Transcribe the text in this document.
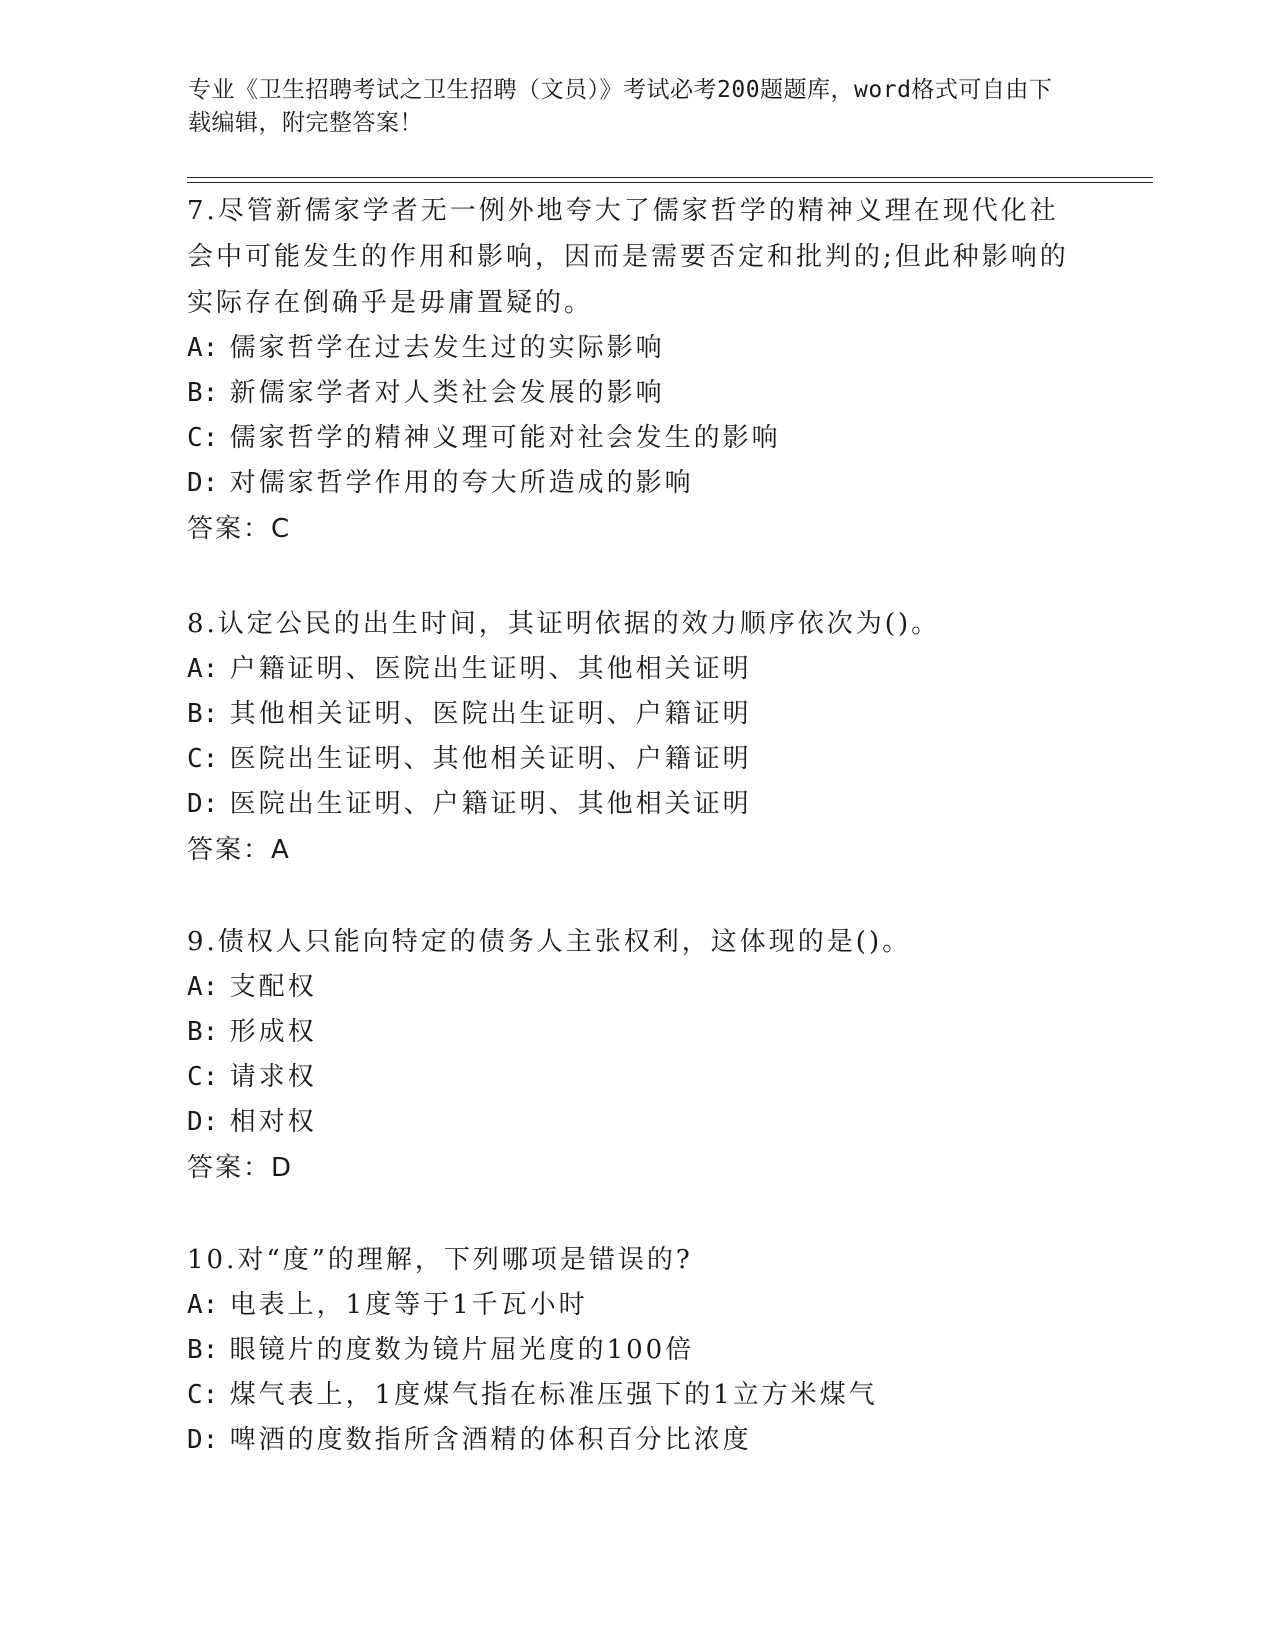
专业《卫生招聘考试之卫生招聘（文员）》考试必考200题题库，word格式可自由下载编辑，附完整答案！
7.尽管新儒家学者无一例外地夸大了儒家哲学的精神义理在现代化社会中可能发生的作用和影响，因而是需要否定和批判的;但此种影响的实际存在倒确乎是毋庸置疑的。
A: 儒家哲学在过去发生过的实际影响
B: 新儒家学者对人类社会发展的影响
C: 儒家哲学的精神义理可能对社会发生的影响
D: 对儒家哲学作用的夸大所造成的影响
答案：C
8.认定公民的出生时间，其证明依据的效力顺序依次为()。
A: 户籍证明、医院出生证明、其他相关证明
B: 其他相关证明、医院出生证明、户籍证明
C: 医院出生证明、其他相关证明、户籍证明
D: 医院出生证明、户籍证明、其他相关证明
答案：A
9.债权人只能向特定的债务人主张权利，这体现的是()。
A: 支配权
B: 形成权
C: 请求权
D: 相对权
答案：D
10.对“度”的理解，下列哪项是错误的?
A: 电表上，1度等于1千瓦小时
B: 眼镜片的度数为镜片屈光度的100倍
C: 煤气表上，1度煤气指在标准压强下的1立方米煤气
D: 啤酒的度数指所含酒精的体积百分比浓度
